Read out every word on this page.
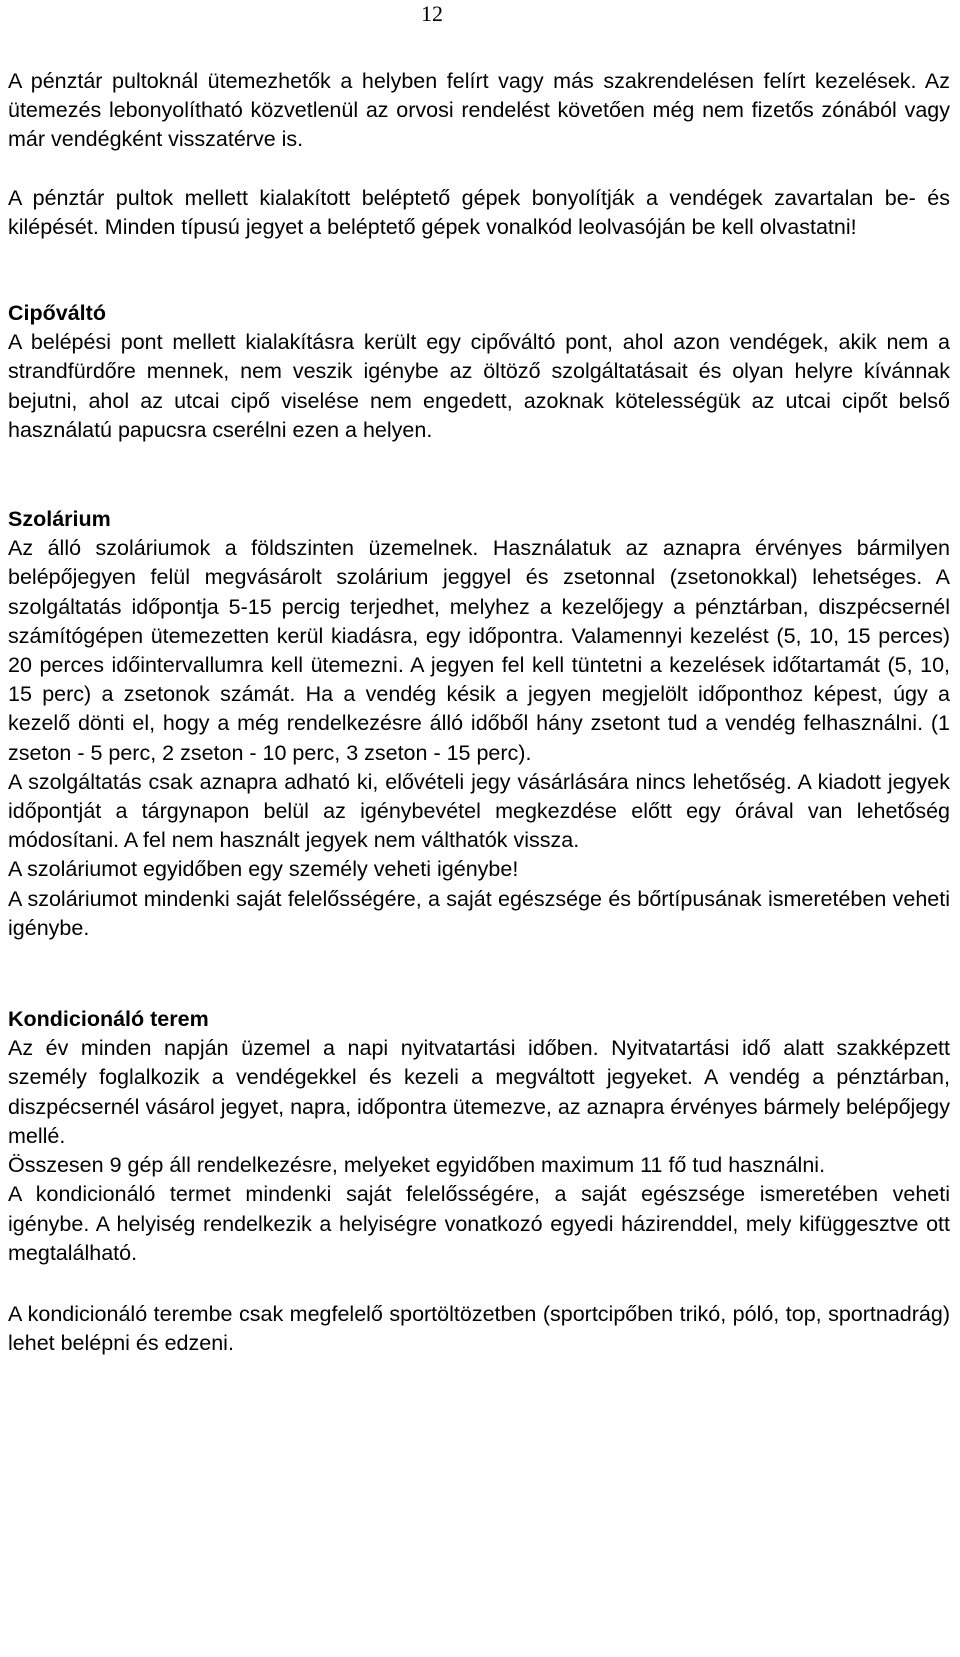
12

A pénztár pultoknál ütemezhetők a helyben felírt vagy más szakrendelésen felírt kezelések. Az ütemezés lebonyolítható közvetlenül az orvosi rendelést követően még nem fizetős zónából vagy már vendégként visszatérve is.

A pénztár pultok mellett kialakított beléptető gépek bonyolítják a vendégek zavartalan be- és kilépését. Minden típusú jegyet a beléptető gépek vonalkód leolvasóján be kell olvastatni!

Cipőváltó

A belépési pont mellett kialakításra került egy cipőváltó pont, ahol azon vendégek, akik nem a strandfürdőre mennek, nem veszik igénybe az öltöző szolgáltatásait és olyan helyre kívánnak bejutni, ahol az utcai cipő viselése nem engedett, azoknak kötelességük az utcai cipőt belső használatú papucsra cserélni ezen a helyen.

Szolárium

Az álló szoláriumok a földszinten üzemelnek. Használatuk az aznapra érvényes bármilyen belépőjegyen felül megvásárolt szolárium jeggyel és zsetonnal (zsetonokkal) lehetséges. A szolgáltatás időpontja 5-15 percig terjedhet, melyhez a kezelőjegy a pénztárban, diszpécsernél számítógépen ütemezetten kerül kiadásra, egy időpontra. Valamennyi kezelést (5, 10, 15 perces) 20 perces időintervallumra kell ütemezni. A jegyen fel kell tüntetni a kezelések időtartamát (5, 10, 15 perc) a zsetonok számát. Ha a vendég késik a jegyen megjelölt időponthoz képest, úgy a kezelő dönti el, hogy a még rendelkezésre álló időből hány zsetont tud a vendég felhasználni. (1 zseton - 5 perc, 2 zseton - 10 perc, 3 zseton - 15 perc).

A szolgáltatás csak aznapra adható ki, elővételi jegy vásárlására nincs lehetőség. A kiadott jegyek időpontját a tárgynapon belül az igénybevétel megkezdése előtt egy órával van lehetőség módosítani. A fel nem használt jegyek nem válthatók vissza.

A szoláriumot egyidőben egy személy veheti igénybe!

A szoláriumot mindenki saját felelősségére, a saját egészsége és bőrtípusának ismeretében veheti igénybe.

Kondicionáló terem

Az év minden napján üzemel a napi nyitvatartási időben. Nyitvatartási idő alatt szakképzett személy foglalkozik a vendégekkel és kezeli a megváltott jegyeket. A vendég a pénztárban, diszpécsernél vásárol jegyet, napra, időpontra ütemezve, az aznapra érvényes bármely belépőjegy mellé.

Összesen 9 gép áll rendelkezésre, melyeket egyidőben maximum 11 fő tud használni.

A kondicionáló termet mindenki saját felelősségére, a saját egészsége ismeretében veheti igénybe. A helyiség rendelkezik a helyiségre vonatkozó egyedi házirenddel, mely kifüggesztve ott megtalálható.

A kondicionáló terembe csak megfelelő sportöltözetben (sportcipőben trikó, póló, top, sportnadrág) lehet belépni és edzeni.
